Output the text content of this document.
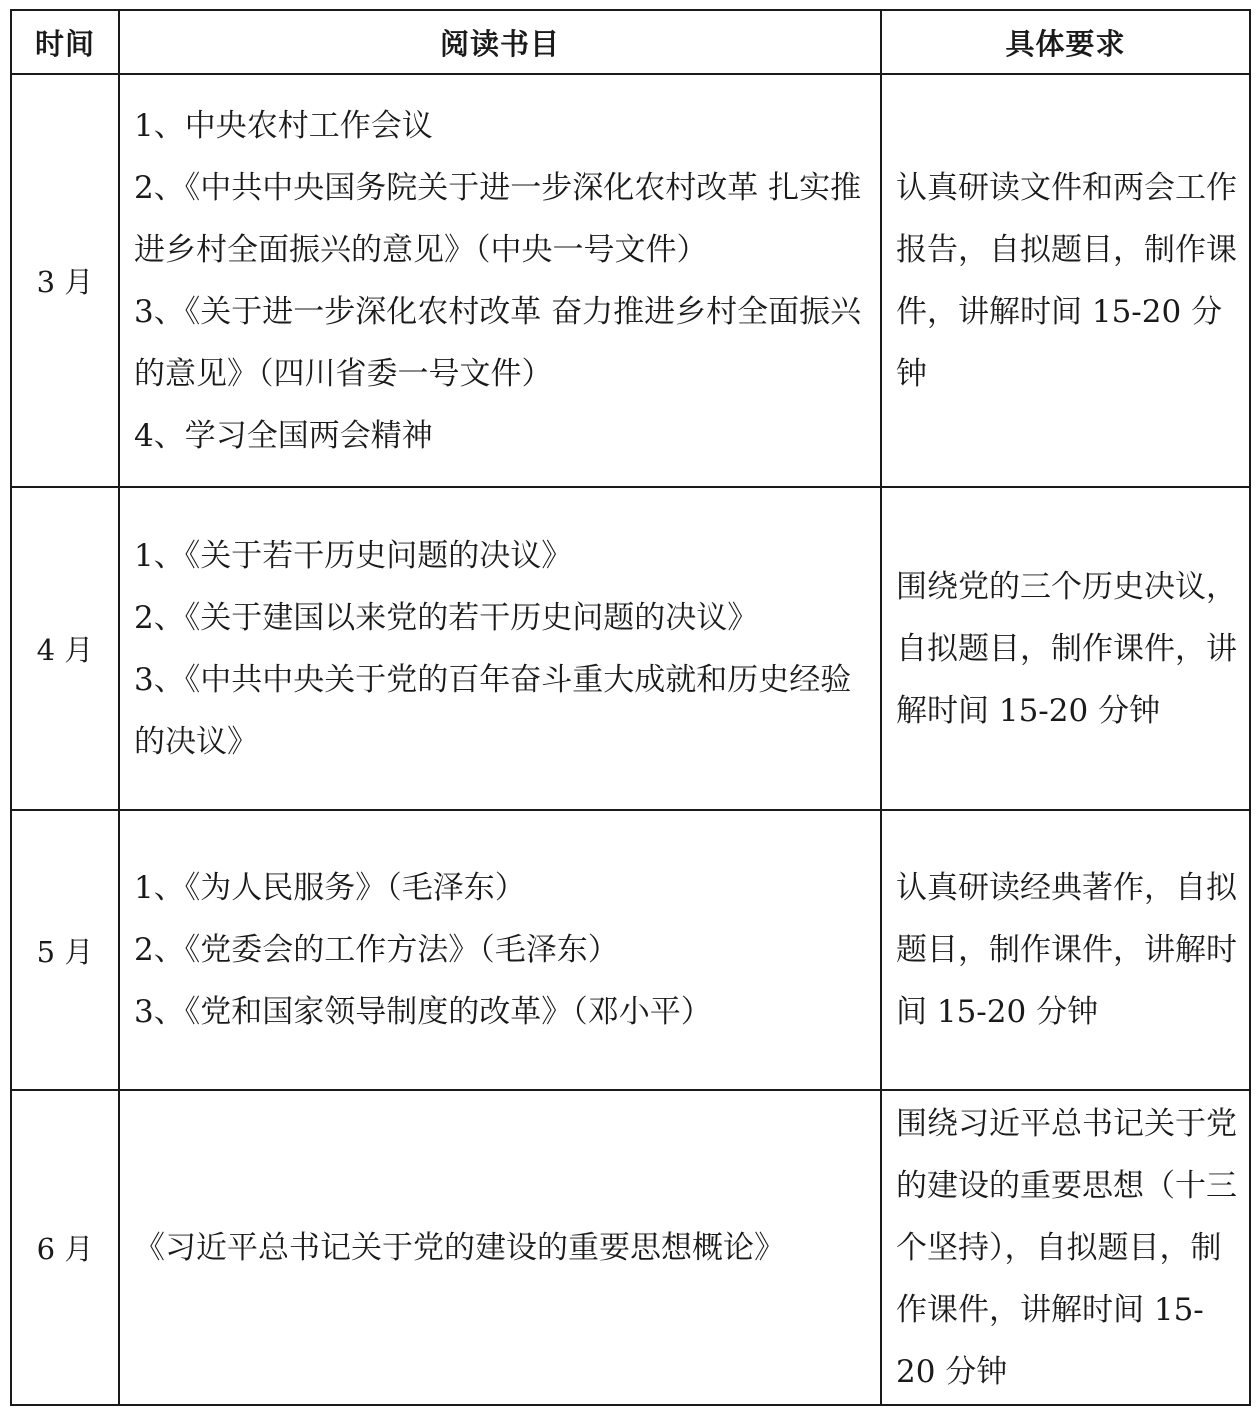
时间	阅读书目	具体要求
3 月	1、中央农村工作会议
2、《中共中央国务院关于进一步深化农村改革 扎实推进乡村全面振兴的意见》（中央一号文件）
3、《关于进一步深化农村改革 奋力推进乡村全面振兴的意见》（四川省委一号文件）
4、学习全国两会精神	认真研读文件和两会工作报告，自拟题目，制作课件，讲解时间 15-20 分钟
4 月	1、《关于若干历史问题的决议》
2、《关于建国以来党的若干历史问题的决议》
3、《中共中央关于党的百年奋斗重大成就和历史经验的决议》	围绕党的三个历史决议，自拟题目，制作课件，讲解时间 15-20 分钟
5 月	1、《为人民服务》（毛泽东）
2、《党委会的工作方法》（毛泽东）
3、《党和国家领导制度的改革》（邓小平）	认真研读经典著作，自拟题目，制作课件，讲解时间 15-20 分钟
6 月	《习近平总书记关于党的建设的重要思想概论》	围绕习近平总书记关于党的建设的重要思想（十三个坚持），自拟题目，制作课件，讲解时间 15-20 分钟
